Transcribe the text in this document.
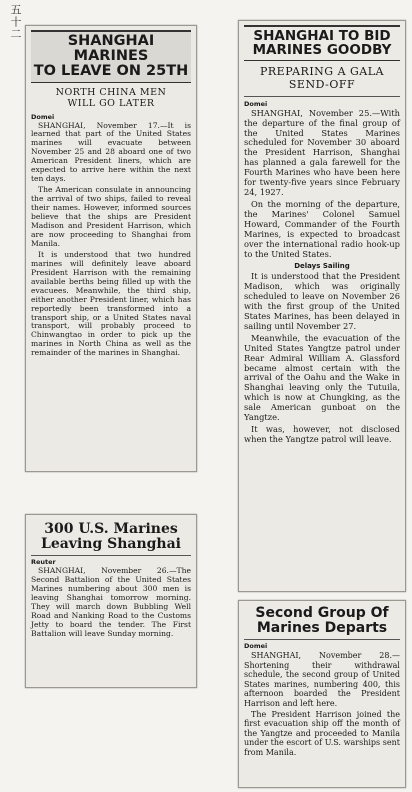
五十二
SHANGHAI MARINES
TO LEAVE ON 25TH
NORTH CHINA MEN
WILL GO LATER
Domei

SHANGHAI, November 17.—It is learned that part of the United States marines will evacuate between November 25 and 28 aboard one of two American President liners, which are expected to arrive here within the next ten days.

The American consulate in announcing the arrival of two ships, failed to reveal their names. However, informed sources believe that the ships are President Madison and President Harrison, which are now proceeding to Shanghai from Manila.

It is understood that two hundred marines will definitely leave aboard President Harrison with the remaining available berths being filled up with the evacuees. Meanwhile, the third ship, either another President liner, which has reportedly been transformed into a transport ship, or a United States naval transport, will probably proceed to Chinwangtao in order to pick up the marines in North China as well as the remainder of the marines in Shanghai.

300 U.S. Marines
Leaving Shanghai
Reuter

SHANGHAI, November 26.—The Second Battalion of the United States Marines numbering about 300 men is leaving Shanghai tomorrow morning. They will march down Bubbling Well Road and Nanking Road to the Customs Jetty to board the tender. The First Battalion will leave Sunday morning.

SHANGHAI TO BID
MARINES GOODBY
PREPARING A GALA
SEND-OFF
Domei

SHANGHAI, November 25.—With the departure of the final group of the United States Marines scheduled for November 30 aboard the President Harrison, Shanghai has planned a gala farewell for the Fourth Marines who have been here for twenty-five years since February 24, 1927.

On the morning of the departure, the Marines' Colonel Samuel Howard, Commander of the Fourth Marines, is expected to broadcast over the international radio hook-up to the United States.

Delays Sailing

It is understood that the President Madison, which was originally scheduled to leave on November 26 with the first group of the United States Marines, has been delayed in sailing until November 27.

Meanwhile, the evacuation of the United States Yangtze patrol under Rear Admiral William A. Glassford became almost certain with the arrival of the Oahu and the Wake in Shanghai leaving only the Tutuila, which is now at Chungking, as the sale American gunboat on the Yangtze.

It was, however, not disclosed when the Yangtze patrol will leave.

Second Group Of
Marines Departs
Domei

SHANGHAI, November 28.—Shortening their withdrawal schedule, the second group of United States marines, numbering 400, this afternoon boarded the President Harrison and left here.

The President Harrison joined the first evacuation ship off the month of the Yangtze and proceeded to Manila under the escort of U.S. warships sent from Manila.
